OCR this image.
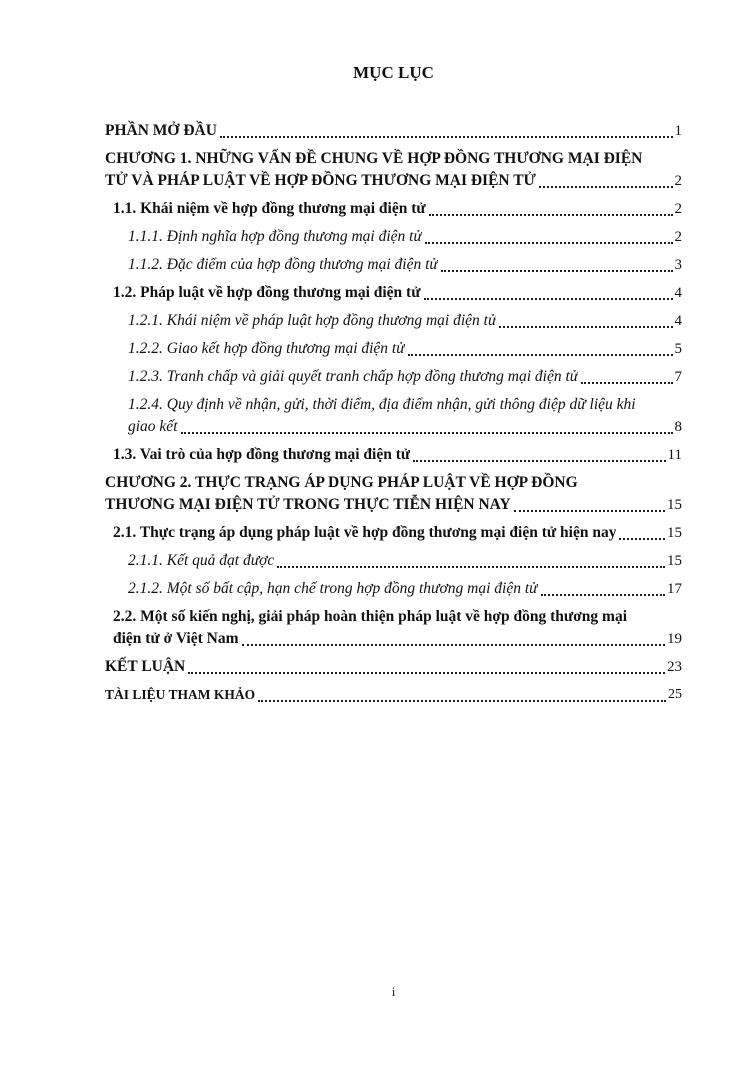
MỤC LỤC
PHẦN MỞ ĐẦU	1
CHƯƠNG 1. NHỮNG VẤN ĐỀ CHUNG VỀ HỢP ĐỒNG THƯƠNG MẠI ĐIỆN
TỬ VÀ PHÁP LUẬT VỀ HỢP ĐỒNG THƯƠNG MẠI ĐIỆN TỬ	2
1.1. Khái niệm về hợp đồng thương mại điện tử	2
1.1.1. Định nghĩa hợp đồng thương mại điện tử	2
1.1.2. Đặc điểm của hợp đồng thương mại điện tử	3
1.2. Pháp luật về hợp đồng thương mại điện tử	4
1.2.1. Khái niệm về pháp luật hợp đồng thương mại điện tử	4
1.2.2. Giao kết hợp đồng thương mại điện tử	5
1.2.3. Tranh chấp và giải quyết tranh chấp hợp đồng thương mại điện tử	7
1.2.4. Quy định về nhận, gửi, thời điểm, địa điểm nhận, gửi thông điệp dữ liệu khi
giao kết	8
1.3. Vai trò của hợp đồng thương mại điện tử	11
CHƯƠNG 2. THỰC TRẠNG ÁP DỤNG PHÁP LUẬT VỀ HỢP ĐỒNG
THƯƠNG MẠI ĐIỆN TỬ TRONG THỰC TIỄN HIỆN NAY	15
2.1. Thực trạng áp dụng pháp luật về hợp đồng thương mại điện tử hiện nay	15
2.1.1. Kết quả đạt được	15
2.1.2. Một số bất cập, hạn chế trong hợp đồng thương mại điện tử	17
2.2. Một số kiến nghị, giải pháp hoàn thiện pháp luật về hợp đồng thương mại
điện tử ở Việt Nam	19
KẾT LUẬN	23
TÀI LIỆU THAM KHẢO	25
i
